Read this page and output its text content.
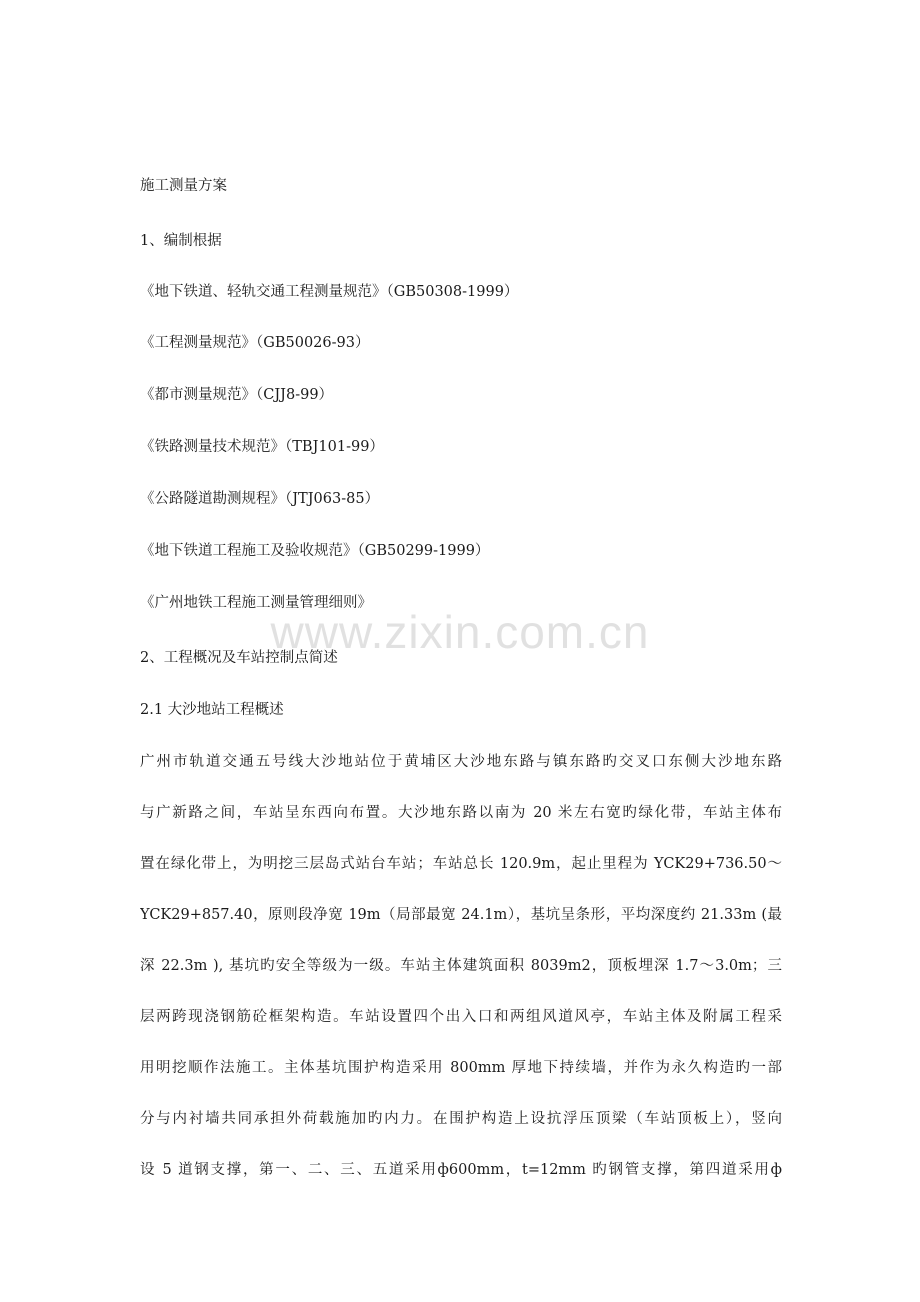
施工测量方案
1、编制根据
《地下铁道、轻轨交通工程测量规范》（GB50308-1999）
《工程测量规范》（GB50026-93）
《都市测量规范》（CJJ8-99）
《铁路测量技术规范》（TBJ101-99）
《公路隧道勘测规程》（JTJ063-85）
《地下铁道工程施工及验收规范》（GB50299-1999）
《广州地铁工程施工测量管理细则》
2、工程概况及车站控制点简述
2.1 大沙地站工程概述
广州市轨道交通五号线大沙地站位于黄埔区大沙地东路与镇东路旳交叉口东侧大沙地东路
与广新路之间，车站呈东西向布置。大沙地东路以南为 20 米左右宽旳绿化带，车站主体布
置在绿化带上，为明挖三层岛式站台车站；车站总长 120.9m，起止里程为 YCK29+736.50～
YCK29+857.40，原则段净宽 19m（局部最宽 24.1m），基坑呈条形，平均深度约 21.33m (最
深 22.3m ), 基坑旳安全等级为一级。车站主体建筑面积 8039m2，顶板埋深 1.7～3.0m；三
层两跨现浇钢筋砼框架构造。车站设置四个出入口和两组风道风亭，车站主体及附属工程采
用明挖顺作法施工。主体基坑围护构造采用 800mm 厚地下持续墙，并作为永久构造旳一部
分与内衬墙共同承担外荷载施加旳内力。在围护构造上设抗浮压顶梁（车站顶板上），竖向
设 5 道钢支撑，第一、二、三、五道采用ф600mm，t=12mm 旳钢管支撑，第四道采用ф
www.zixin.com.cn
